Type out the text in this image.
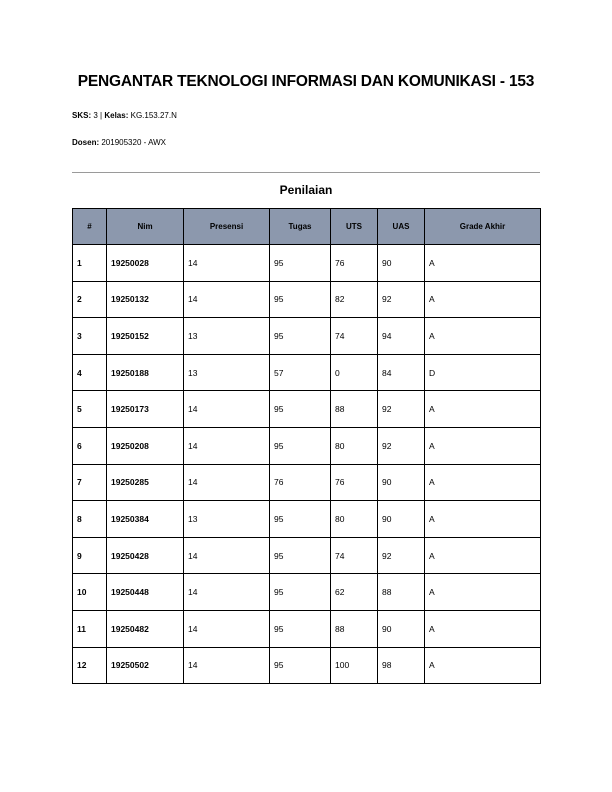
PENGANTAR TEKNOLOGI INFORMASI DAN KOMUNIKASI - 153
SKS: 3 | Kelas: KG.153.27.N
Dosen: 201905320 - AWX
Penilaian
#	Nim	Presensi	Tugas	UTS	UAS	Grade Akhir
1	19250028	14	95	76	90	A
2	19250132	14	95	82	92	A
3	19250152	13	95	74	94	A
4	19250188	13	57	0	84	D
5	19250173	14	95	88	92	A
6	19250208	14	95	80	92	A
7	19250285	14	76	76	90	A
8	19250384	13	95	80	90	A
9	19250428	14	95	74	92	A
10	19250448	14	95	62	88	A
11	19250482	14	95	88	90	A
12	19250502	14	95	100	98	A
